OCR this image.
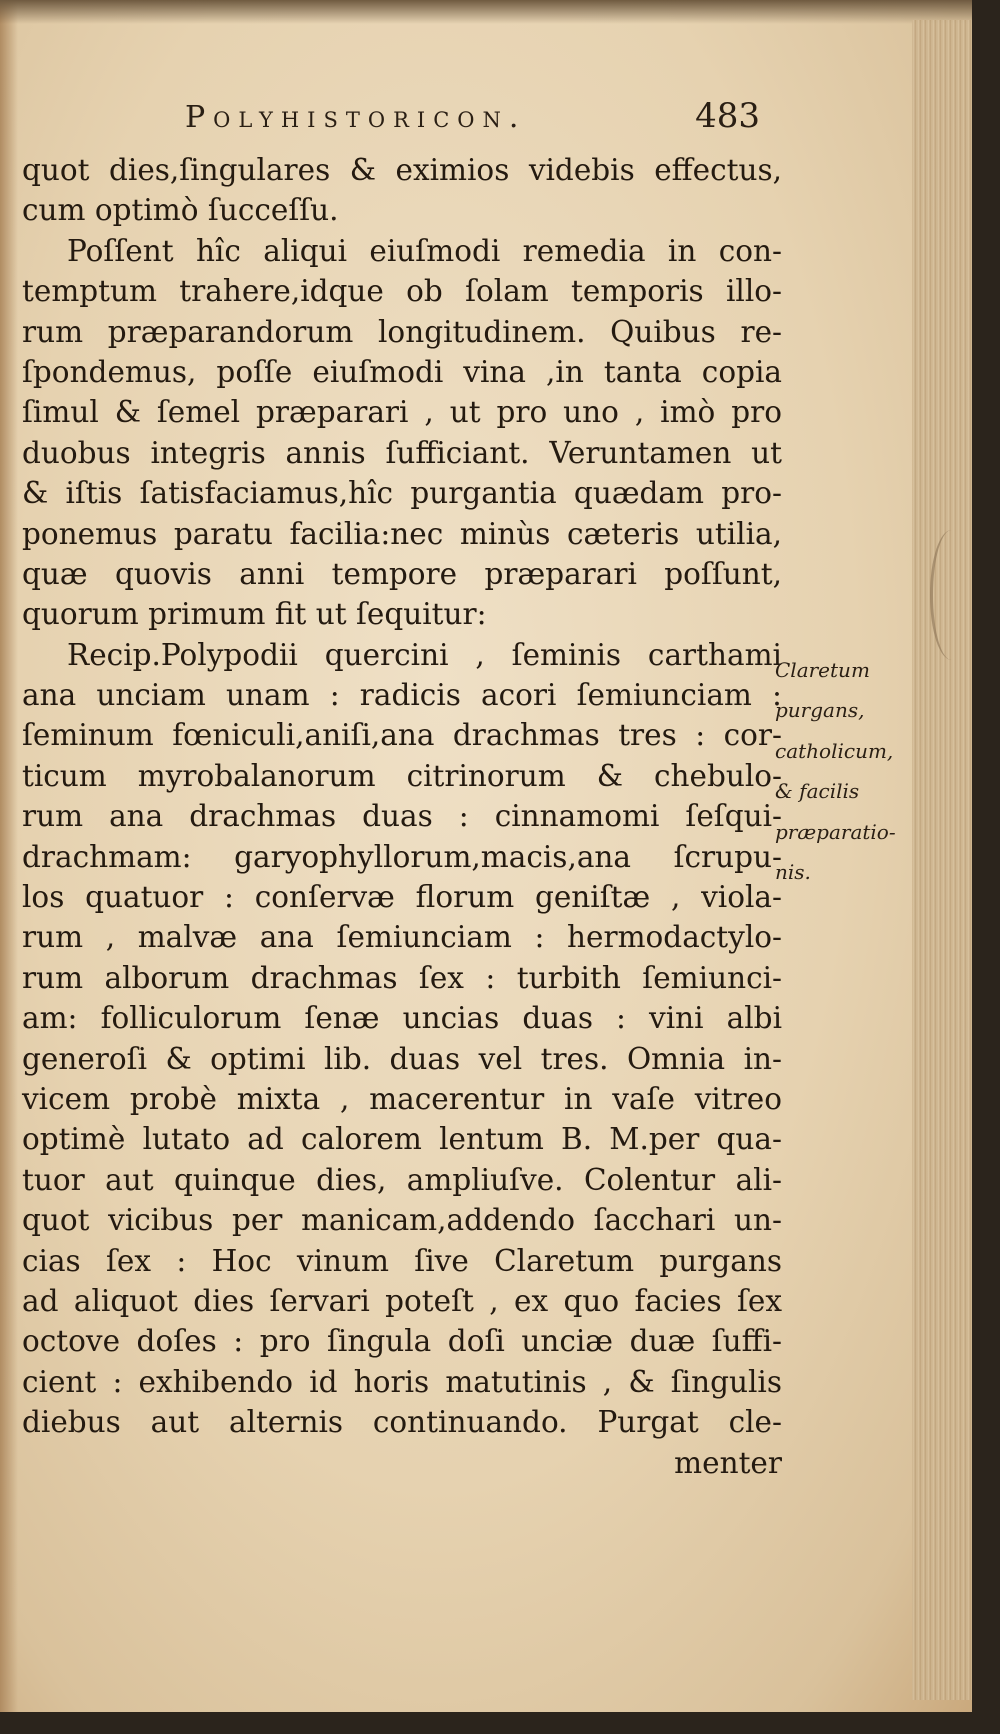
Polyhistoricon.	483
quot dies,ſingulares & eximios videbis effectus,
cum optimò ſucceſſu.
Poſſent hîc aliqui eiuſmodi remedia in con-
temptum trahere,idque ob ſolam temporis illo-
rum præparandorum longitudinem. Quibus re-
ſpondemus, poſſe eiuſmodi vina ,in tanta copia
ſimul & ſemel præparari , ut pro uno , imò pro
duobus integris annis ſufficiant. Veruntamen ut
& iſtis ſatisfaciamus,hîc purgantia quædam pro-
ponemus paratu facilia:nec minùs cæteris utilia,
quæ quovis anni tempore præparari poſſunt,
quorum primum fit ut ſequitur:
Recip.Polypodii quercini , ſeminis carthami
ana unciam unam : radicis acori ſemiunciam :
ſeminum fœniculi,aniſi,ana drachmas tres : cor-
ticum myrobalanorum citrinorum & chebulo-
rum ana drachmas duas : cinnamomi ſeſqui-
drachmam: garyophyllorum,macis,ana ſcrupu-
los quatuor : conſervæ florum geniſtæ , viola-
rum , malvæ ana ſemiunciam : hermodactylo-
rum alborum drachmas ſex : turbith ſemiunci-
am: folliculorum ſenæ uncias duas : vini albi
generoſi & optimi lib. duas vel tres. Omnia in-
vicem probè mixta , macerentur in vaſe vitreo
optimè lutato ad calorem lentum B. M.per qua-
tuor aut quinque dies, ampliuſve. Colentur ali-
quot vicibus per manicam,addendo ſacchari un-
cias ſex : Hoc vinum ſive Claretum purgans
ad aliquot dies ſervari poteſt , ex quo facies ſex
octove doſes : pro ſingula doſi unciæ duæ ſuffi-
cient : exhibendo id horis matutinis , & ſingulis
diebus aut alternis continuando. Purgat cle-
menter
Claretum
purgans,
catholicum,
& facilis
præparatio-
nis.
